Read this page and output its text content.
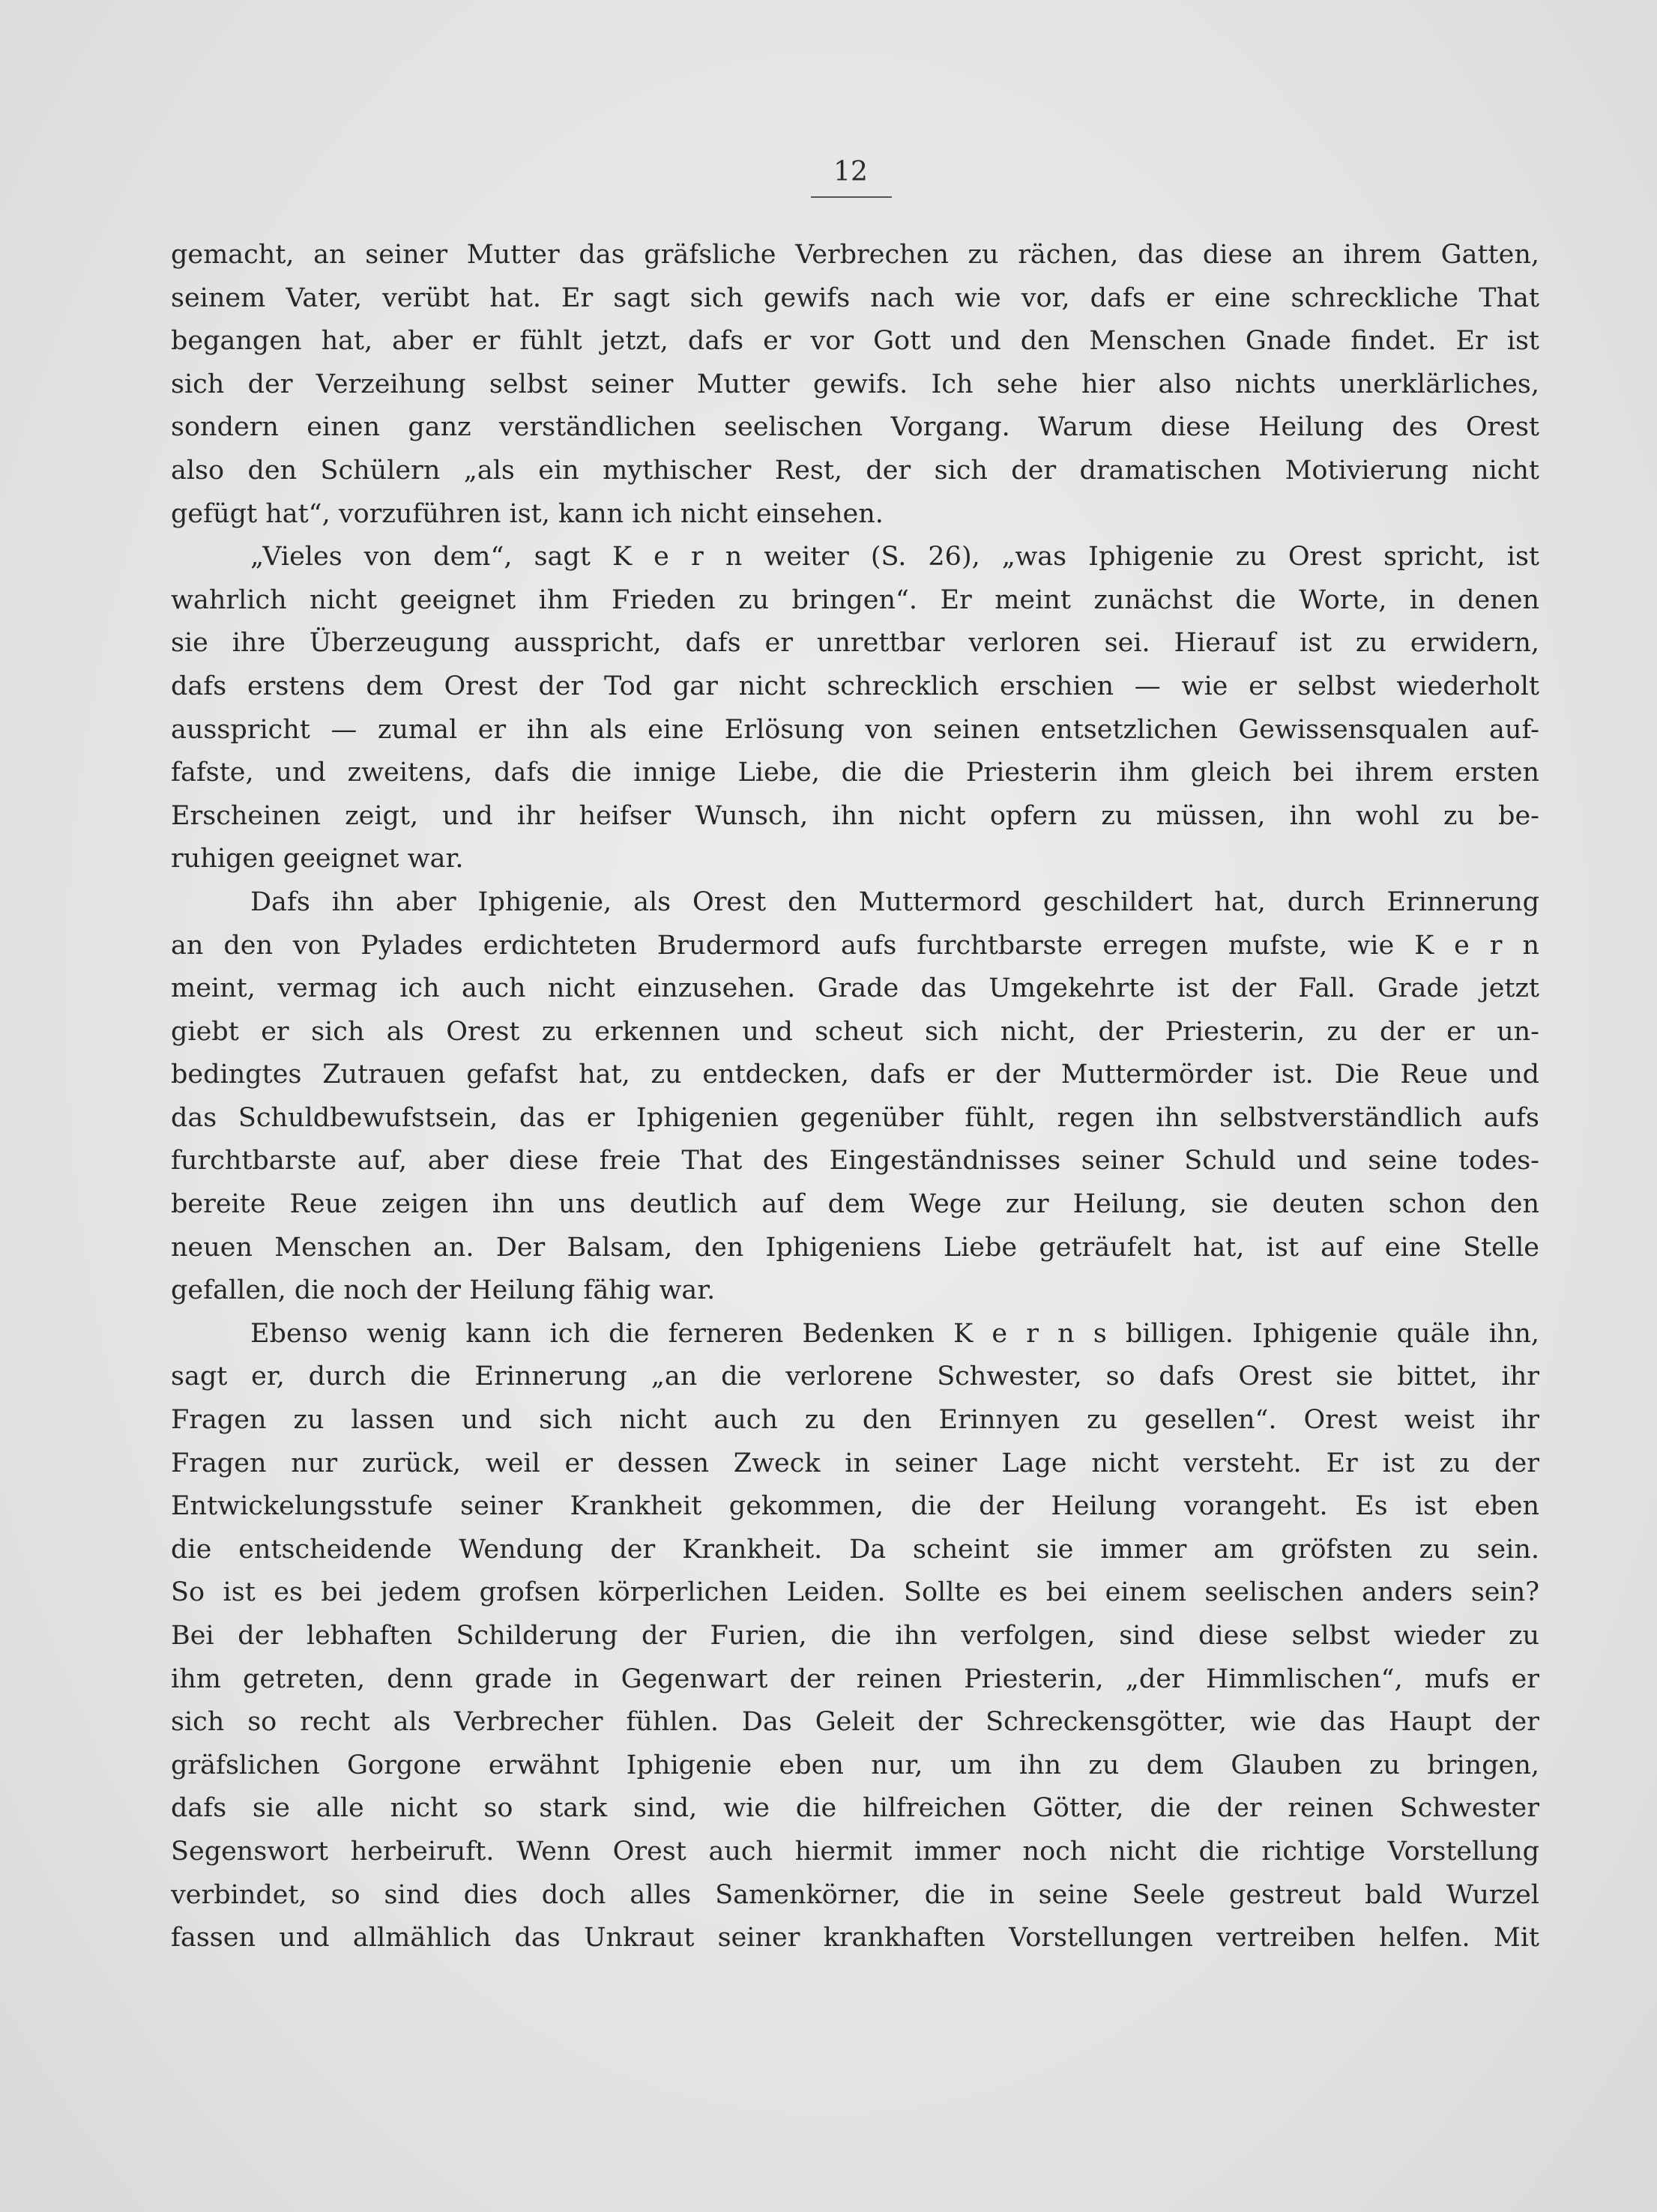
12
gemacht, an seiner Mutter das gräfsliche Verbrechen zu rächen, das diese an ihrem Gatten,
seinem Vater, verübt hat. Er sagt sich gewifs nach wie vor, dafs er eine schreckliche That
begangen hat, aber er fühlt jetzt, dafs er vor Gott und den Menschen Gnade findet. Er ist
sich der Verzeihung selbst seiner Mutter gewifs. Ich sehe hier also nichts unerklärliches,
sondern einen ganz verständlichen seelischen Vorgang. Warum diese Heilung des Orest
also den Schülern „als ein mythischer Rest, der sich der dramatischen Motivierung nicht
gefügt hat“, vorzuführen ist, kann ich nicht einsehen.
„Vieles von dem“, sagt K e r n weiter (S. 26), „was Iphigenie zu Orest spricht, ist
wahrlich nicht geeignet ihm Frieden zu bringen“. Er meint zunächst die Worte, in denen
sie ihre Überzeugung ausspricht, dafs er unrettbar verloren sei. Hierauf ist zu erwidern,
dafs erstens dem Orest der Tod gar nicht schrecklich erschien — wie er selbst wiederholt
ausspricht — zumal er ihn als eine Erlösung von seinen entsetzlichen Gewissensqualen auf-
fafste, und zweitens, dafs die innige Liebe, die die Priesterin ihm gleich bei ihrem ersten
Erscheinen zeigt, und ihr heifser Wunsch, ihn nicht opfern zu müssen, ihn wohl zu be-
ruhigen geeignet war.
Dafs ihn aber Iphigenie, als Orest den Muttermord geschildert hat, durch Erinnerung
an den von Pylades erdichteten Brudermord aufs furchtbarste erregen mufste, wie K e r n
meint, vermag ich auch nicht einzusehen. Grade das Umgekehrte ist der Fall. Grade jetzt
giebt er sich als Orest zu erkennen und scheut sich nicht, der Priesterin, zu der er un-
bedingtes Zutrauen gefafst hat, zu entdecken, dafs er der Muttermörder ist. Die Reue und
das Schuldbewufstsein, das er Iphigenien gegenüber fühlt, regen ihn selbstverständlich aufs
furchtbarste auf, aber diese freie That des Eingeständnisses seiner Schuld und seine todes-
bereite Reue zeigen ihn uns deutlich auf dem Wege zur Heilung, sie deuten schon den
neuen Menschen an. Der Balsam, den Iphigeniens Liebe geträufelt hat, ist auf eine Stelle
gefallen, die noch der Heilung fähig war.
Ebenso wenig kann ich die ferneren Bedenken K e r n s billigen. Iphigenie quäle ihn,
sagt er, durch die Erinnerung „an die verlorene Schwester, so dafs Orest sie bittet, ihr
Fragen zu lassen und sich nicht auch zu den Erinnyen zu gesellen“. Orest weist ihr
Fragen nur zurück, weil er dessen Zweck in seiner Lage nicht versteht. Er ist zu der
Entwickelungsstufe seiner Krankheit gekommen, die der Heilung vorangeht. Es ist eben
die entscheidende Wendung der Krankheit. Da scheint sie immer am gröfsten zu sein.
So ist es bei jedem grofsen körperlichen Leiden. Sollte es bei einem seelischen anders sein?
Bei der lebhaften Schilderung der Furien, die ihn verfolgen, sind diese selbst wieder zu
ihm getreten, denn grade in Gegenwart der reinen Priesterin, „der Himmlischen“, mufs er
sich so recht als Verbrecher fühlen. Das Geleit der Schreckensgötter, wie das Haupt der
gräfslichen Gorgone erwähnt Iphigenie eben nur, um ihn zu dem Glauben zu bringen,
dafs sie alle nicht so stark sind, wie die hilfreichen Götter, die der reinen Schwester
Segenswort herbeiruft. Wenn Orest auch hiermit immer noch nicht die richtige Vorstellung
verbindet, so sind dies doch alles Samenkörner, die in seine Seele gestreut bald Wurzel
fassen und allmählich das Unkraut seiner krankhaften Vorstellungen vertreiben helfen. Mit
